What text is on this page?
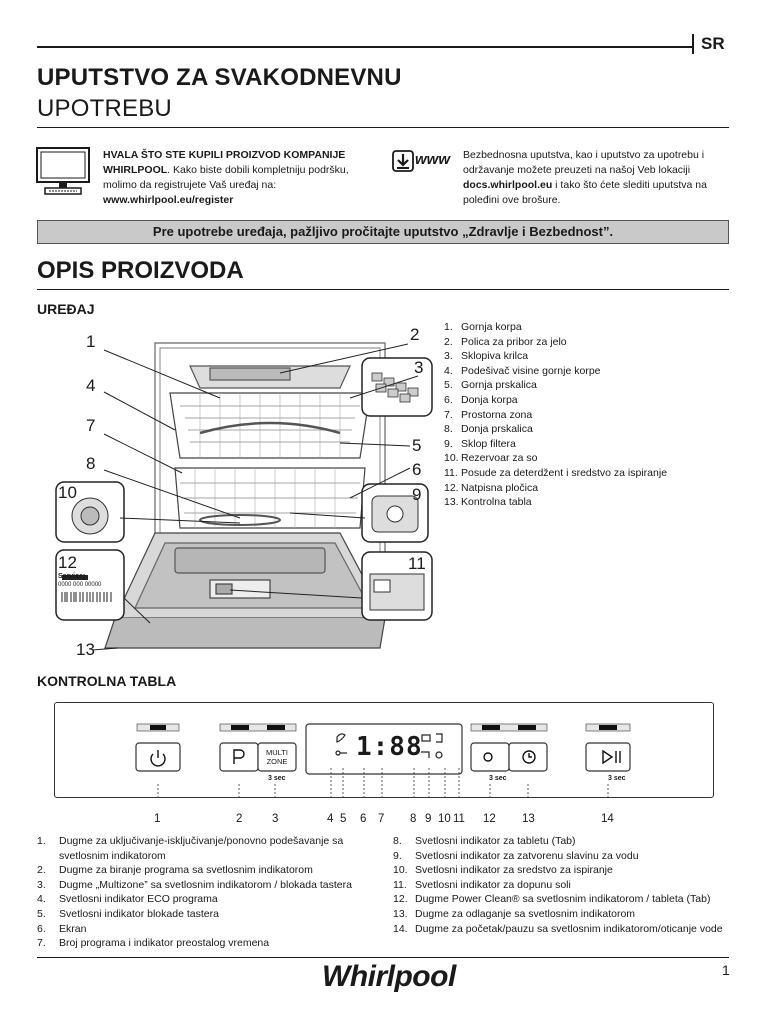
SR
UPUTSTVO ZA SVAKODNEVNU
UPOTREBU
HVALA ŠTO STE KUPILI PROIZVOD KOMPANIJE
WHIRLPOOL. Kako biste dobili kompletniju podršku,
molimo da registrujete Vaš uređaj na:
www.whirlpool.eu/register
www Bezbednosna uputstva, kao i uputstvo za upotrebu i
održavanje možete preuzeti na našoj Veb lokaciji
docs.whirlpool.eu i tako što ćete slediti uputstva na
poleđini ove brošure.
Pre upotrebe uređaja, pažljivo pročitajte uputstvo „Zdravlje i Bezbednost”.
OPIS PROIZVODA
UREĐAJ
1	2
3
4
5
6
7
8
9
10
11
12
13
Service:
0000 000 00000
1. Gornja korpa
2. Polica za pribor za jelo
3. Sklopiva krilca
4. Podešivač visine gornje korpe
5. Gornja prskalica
6. Donja korpa
7. Prostorna zona
8. Donja prskalica
9. Sklop filtera
10. Rezervoar za so
11. Posude za deterdžent i sredstvo za ispiranje
12. Natpisna pločica
13. Kontrolna tabla
KONTROLNA TABLA
MULTI
ZONE	1:88
3 sec	3 sec	3 sec
1	2	3	4 5 6 7 8 9 10 11 12 13	14
1.	Dugme za uključivanje-isključivanje/ponovno podešavanje sa
svetlosnim indikatorom
2.	Dugme za biranje programa sa svetlosnim indikatorom
3.	Dugme „Multizone” sa svetlosnim indikatorom / blokada tastera
4.	Svetlosni indikator ECO programa
5.	Svetlosni indikator blokade tastera
6.	Ekran
7.	Broj programa i indikator preostalog vremena
8.	Svetlosni indikator za tabletu (Tab)
9.	Svetlosni indikator za zatvorenu slavinu za vodu
10. Svetlosni indikator za sredstvo za ispiranje
11. Svetlosni indikator za dopunu soli
12. Dugme Power Clean® sa svetlosnim indikatorom / tableta (Tab)
13. Dugme za odlaganje sa svetlosnim indikatorom
14. Dugme za početak/pauzu sa svetlosnim indikatorom/oticanje vode
Whirlpool	1
